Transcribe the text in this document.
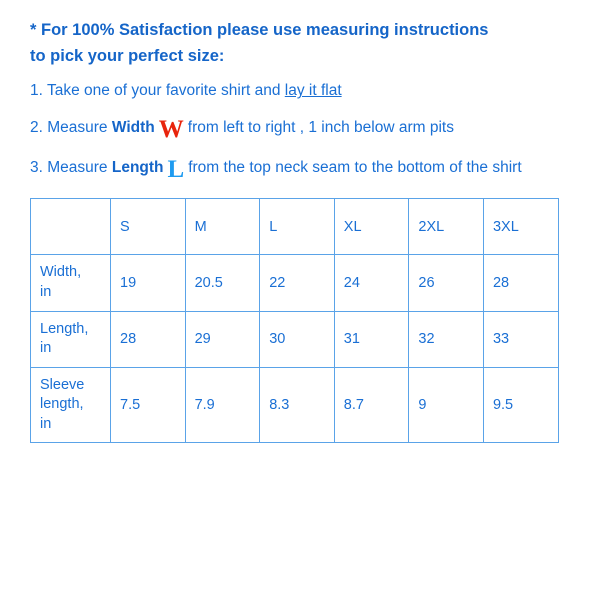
* For 100% Satisfaction please use measuring instructions
to pick your perfect size:

1. Take one of your favorite shirt and lay it flat

2. Measure Width W from left to right , 1 inch below arm pits

3. Measure Length L from the top neck seam to the bottom of the shirt

	S	M	L	XL	2XL	3XL
Width,
in	19	20.5	22	24	26	28
Length,
in	28	29	30	31	32	33
Sleeve
length,
in	7.5	7.9	8.3	8.7	9	9.5
